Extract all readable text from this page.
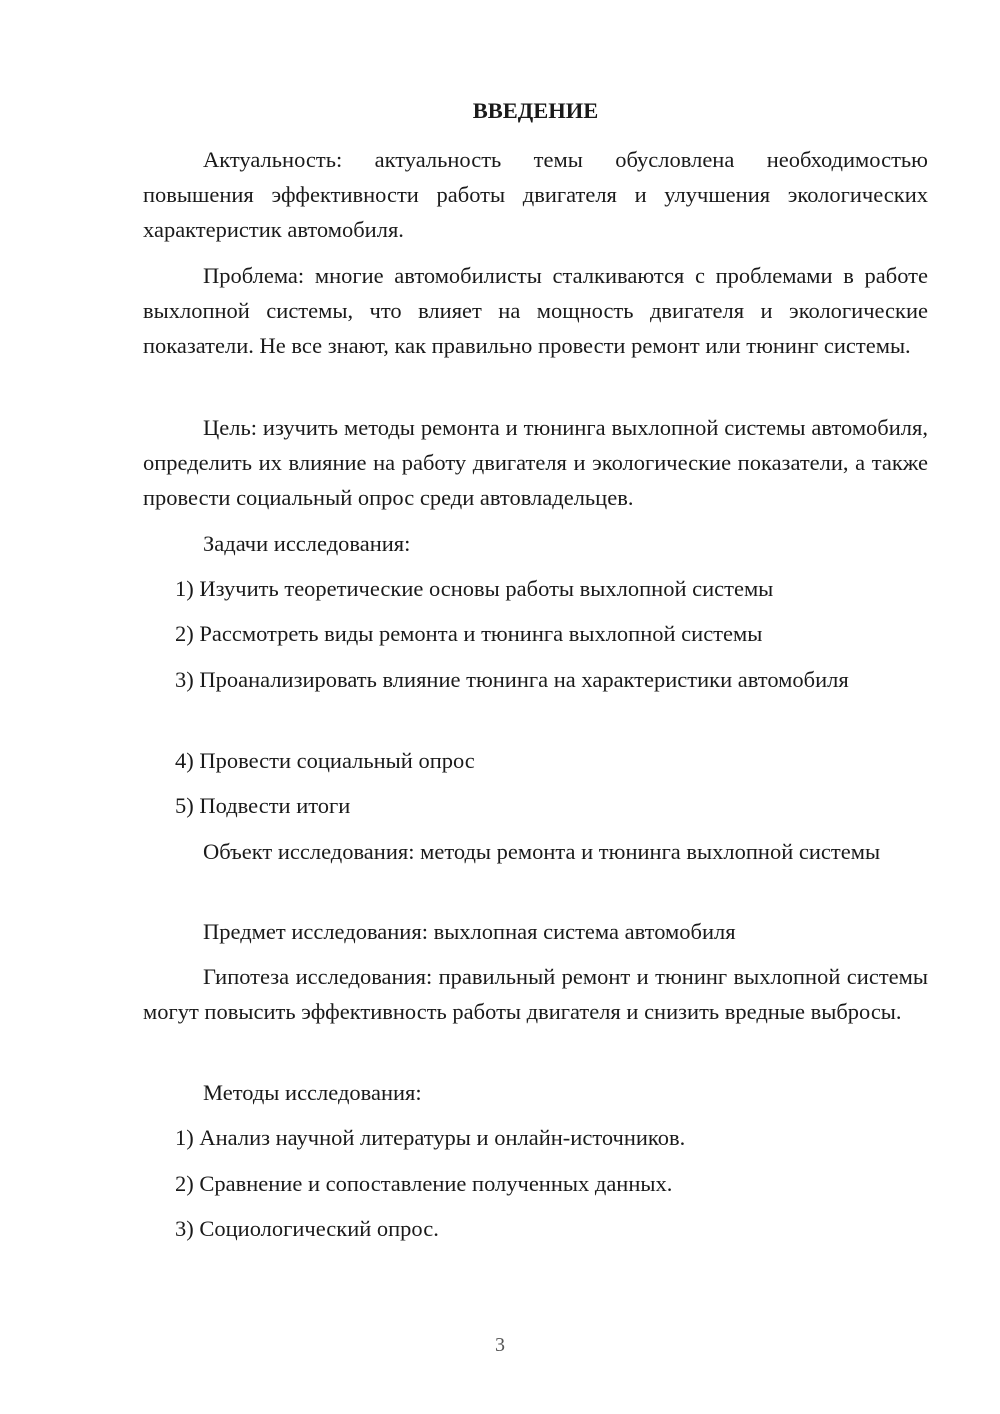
ВВЕДЕНИЕ

Актуальность: актуальность темы обусловлена необходимостью повышения эффективности работы двигателя и улучшения экологических характеристик автомобиля.

Проблема: многие автомобилисты сталкиваются с проблемами в работе выхлопной системы, что влияет на мощность двигателя и экологические показатели. Не все знают, как правильно провести ремонт или тюнинг системы.

Цель: изучить методы ремонта и тюнинга выхлопной системы автомобиля, определить их влияние на работу двигателя и экологические показатели, а также провести социальный опрос среди автовладельцев.

Задачи исследования:

1) Изучить теоретические основы работы выхлопной системы

2) Рассмотреть виды ремонта и тюнинга выхлопной системы

3) Проанализировать влияние тюнинга на характеристики автомобиля

4) Провести социальный опрос

5) Подвести итоги

Объект исследования: методы ремонта и тюнинга выхлопной системы

Предмет исследования: выхлопная система автомобиля

Гипотеза исследования: правильный ремонт и тюнинг выхлопной системы могут повысить эффективность работы двигателя и снизить вредные выбросы.

Методы исследования:

1) Анализ научной литературы и онлайн-источников.

2) Сравнение и сопоставление полученных данных.

3) Социологический опрос.

3
